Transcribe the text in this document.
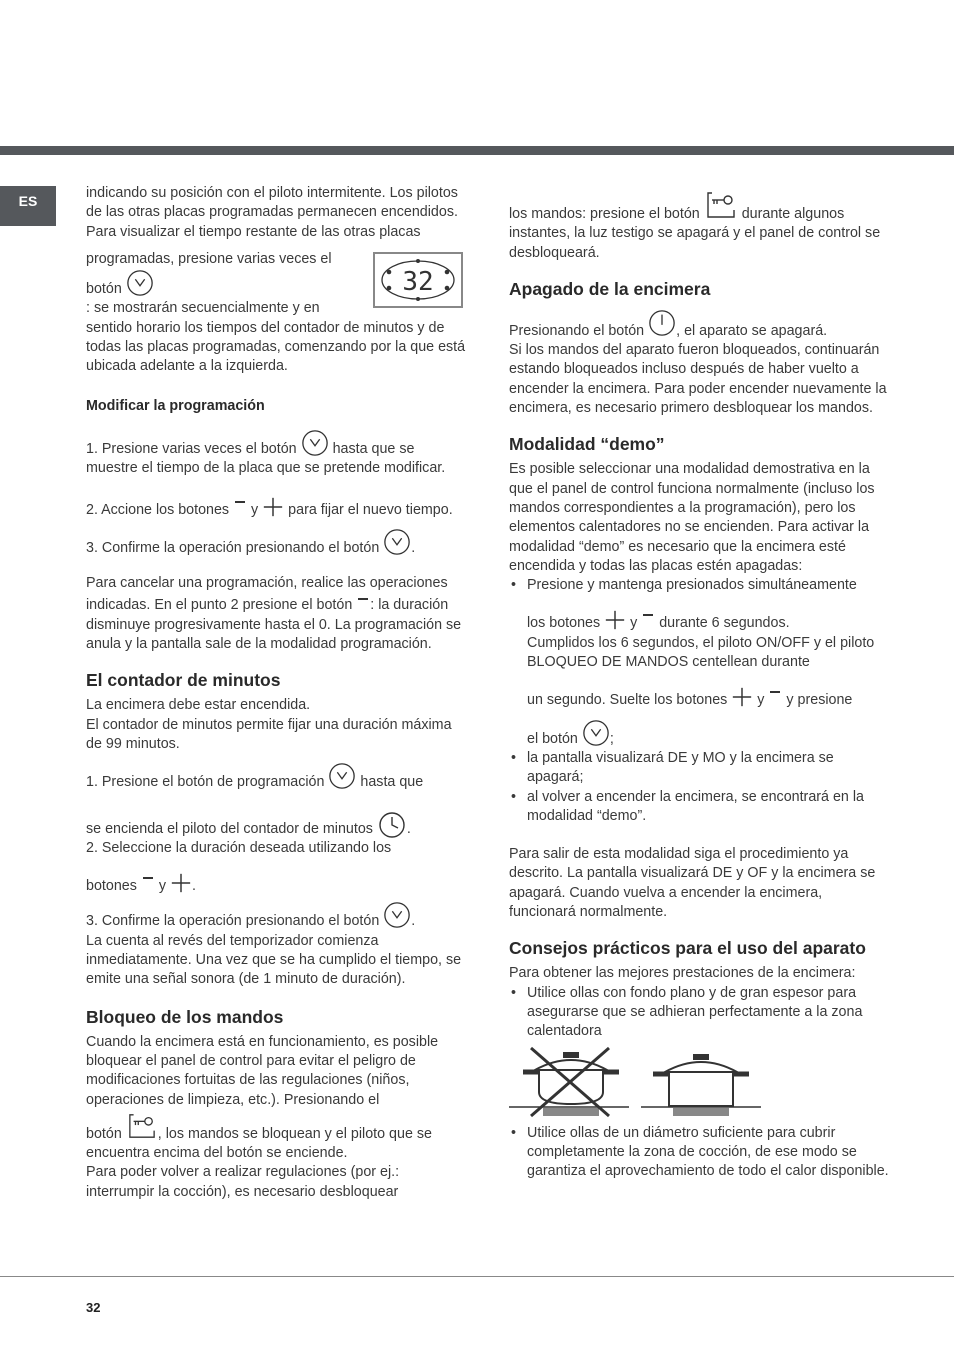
ES	indicando su posición con el piloto intermitente. Los pilotos de las otras placas programadas permanecen encendidos.

Para visualizar el tiempo restante de las otras placas

32

programadas, presione varias veces el botón
: se mostrarán secuencialmente y en sentido horario los tiempos del contador de minutos y de todas las placas programadas, comenzando por la que está ubicada adelante a la izquierda.

Modificar la programación

1. Presione varias veces el botón	hasta que se muestre el tiempo de la placa que se pretende modificar.

2. Accione los botones y para fijar el nuevo tiempo.

3. Confirme la operación presionando el botón .

Para cancelar una programación, realice las operaciones indicadas. En el punto 2 presione el botón : la duración disminuye progresivamente hasta el 0. La programación se anula y la pantalla sale de la modalidad programación.

El contador de minutos

La encimera debe estar encendida.

El contador de minutos permite fijar una duración máxima de 99 minutos.

1. Presione el botón de programación	hasta que

se encienda el piloto del contador de minutos .

2. Seleccione la duración deseada utilizando los

botones y .

3. Confirme la operación presionando el botón .

La cuenta al revés del temporizador comienza inmediatamente. Una vez que se ha cumplido el tiempo, se emite una señal sonora (de 1 minuto de duración).

Bloqueo de los mandos

Cuando la encimera está en funcionamiento, es posible bloquear el panel de control para evitar el peligro de modificaciones fortuitas de las regulaciones (niños, operaciones de limpieza, etc.). Presionando el

botón	, los mandos se bloquean y el piloto que se encuentra encima del botón se enciende.

Para poder volver a realizar regulaciones (por ej.: interrumpir la cocción), es necesario desbloquear

los mandos: presione el botón	durante algunos instantes, la luz testigo se apagará y el panel de control se desbloqueará.

Apagado de la encimera

Presionando el botón , el aparato se apagará.

Si los mandos del aparato fueron bloqueados, continuarán estando bloqueados incluso después de haber vuelto a encender la encimera. Para poder encender nuevamente la encimera, es necesario primero desbloquear los mandos.

Modalidad “demo”

Es posible seleccionar una modalidad demostrativa en la que el panel de control funciona normalmente (incluso los mandos correspondientes a la programación), pero los elementos calentadores no se encienden. Para activar la modalidad “demo” es necesario que la encimera esté encendida y todas las placas estén apagadas:

• Presione y mantenga presionados simultáneamente
los botones y durante 6 segundos.
Cumplidos los 6 segundos, el piloto ON/OFF y el piloto BLOQUEO DE MANDOS centellean durante
un segundo. Suelte los botones y y presione
el botón ;
• la pantalla visualizará DE y MO y la encimera se apagará;
• al volver a encender la encimera, se encontrará en la modalidad “demo”.

Para salir de esta modalidad siga el procedimiento ya descrito. La pantalla visualizará DE y OF y la encimera se apagará. Cuando vuelva a encender la encimera, funcionará normalmente.

Consejos prácticos para el uso del aparato

Para obtener las mejores prestaciones de la encimera:

• Utilice ollas con fondo plano y de gran espesor para asegurarse que se adhieran perfectamente a la zona calentadora
• Utilice ollas de un diámetro suficiente para cubrir completamente la zona de cocción, de ese modo se garantiza el aprovechamiento de todo el calor disponible.
32
